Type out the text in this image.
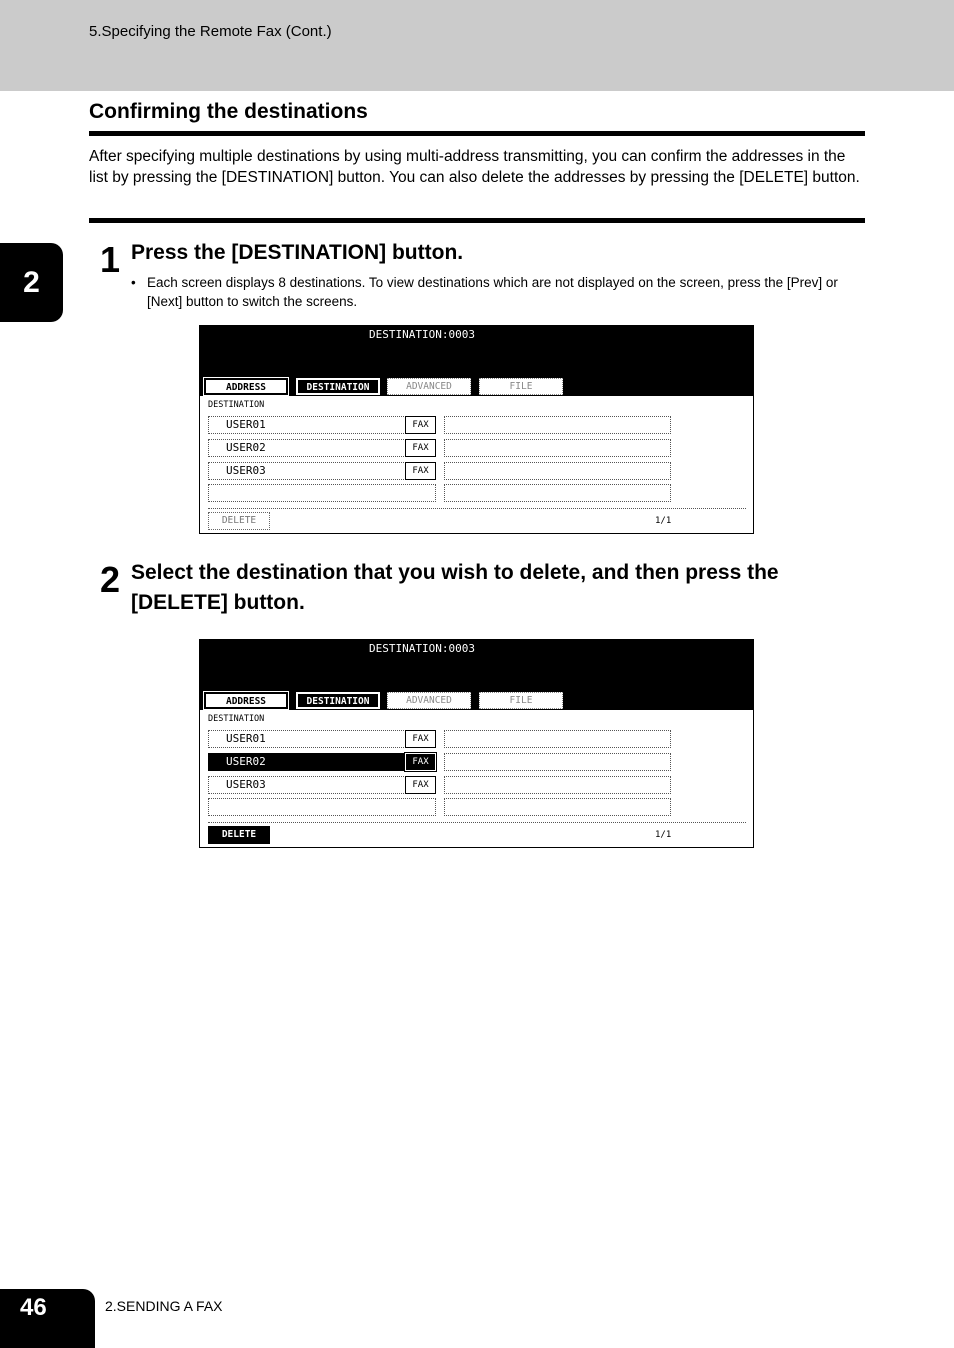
5.Specifying the Remote Fax (Cont.)
2
Confirming the destinations
After specifying multiple destinations by using multi-address transmitting, you can confirm the addresses in the list by pressing the [DESTINATION] button. You can also delete the addresses by pressing the [DELETE] button.
1 Press the [DESTINATION] button.
• Each screen displays 8 destinations. To view destinations which are not displayed on the screen, press the [Prev] or [Next] button to switch the screens.
DESTINATION:0003
ADDRESS	DESTINATION	ADVANCED	FILE
DESTINATION
USER01	FAX
USER02	FAX
USER03	FAX
DELETE	1/1
2 Select the destination that you wish to delete, and then press the [DELETE] button.
DESTINATION:0003
ADDRESS	DESTINATION	ADVANCED	FILE
DESTINATION
USER01	FAX
USER02	FAX
USER03	FAX
DELETE	1/1
46	2.SENDING A FAX
